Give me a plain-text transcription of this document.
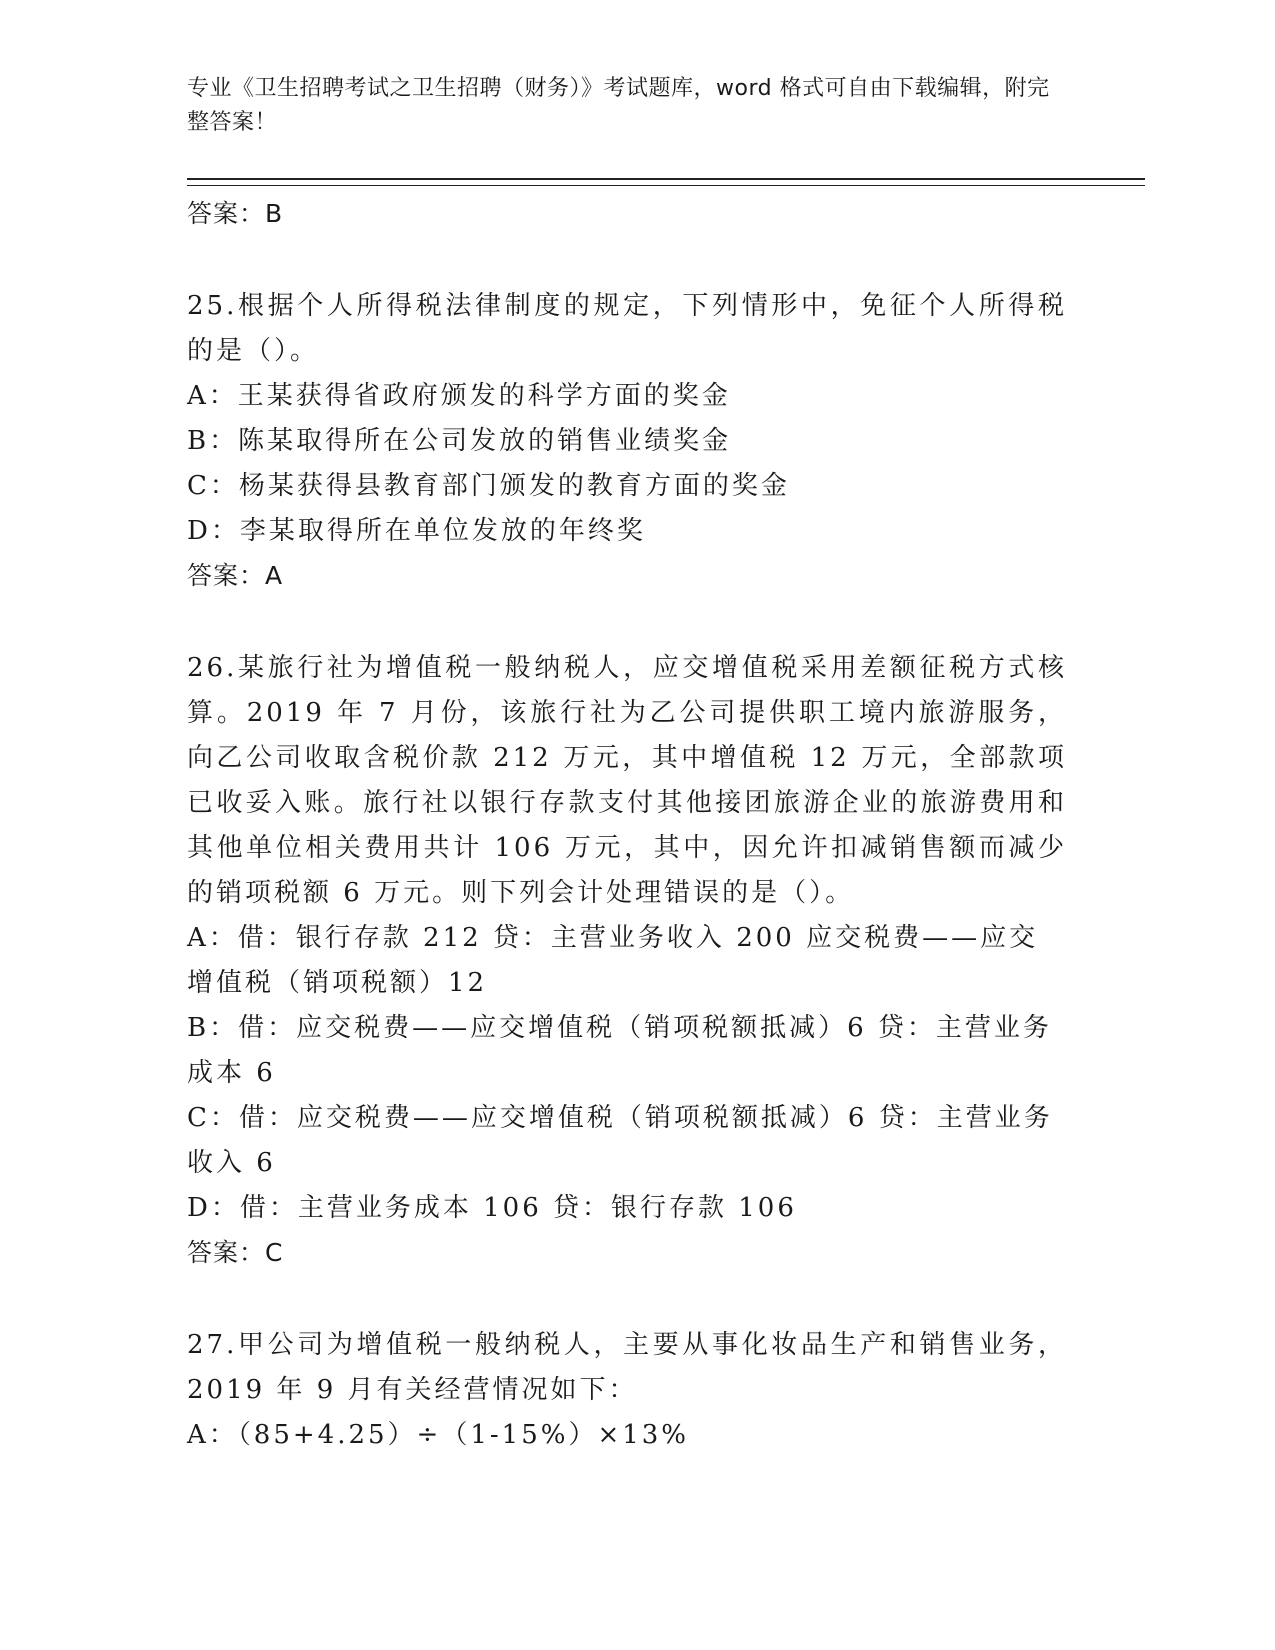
专业《卫生招聘考试之卫生招聘（财务）》考试题库，word 格式可自由下载编辑，附完整答案！
答案：B

25.根据个人所得税法律制度的规定，下列情形中，免征个人所得税的是（）。

A：王某获得省政府颁发的科学方面的奖金

B：陈某取得所在公司发放的销售业绩奖金

C：杨某获得县教育部门颁发的教育方面的奖金

D：李某取得所在单位发放的年终奖

答案：A

26.某旅行社为增值税一般纳税人，应交增值税采用差额征税方式核算。2019 年 7 月份，该旅行社为乙公司提供职工境内旅游服务，向乙公司收取含税价款 212 万元，其中增值税 12 万元，全部款项已收妥入账。旅行社以银行存款支付其他接团旅游企业的旅游费用和其他单位相关费用共计 106 万元，其中，因允许扣减销售额而减少的销项税额 6 万元。则下列会计处理错误的是（）。

A：借：银行存款 212 贷：主营业务收入 200 应交税费——应交增值税（销项税额）12

B：借：应交税费——应交增值税（销项税额抵减）6 贷：主营业务成本 6

C：借：应交税费——应交增值税（销项税额抵减）6 贷：主营业务收入 6

D：借：主营业务成本 106 贷：银行存款 106

答案：C

27.甲公司为增值税一般纳税人，主要从事化妆品生产和销售业务，2019 年 9 月有关经营情况如下：

A：（85+4.25）÷（1-15%）×13%
